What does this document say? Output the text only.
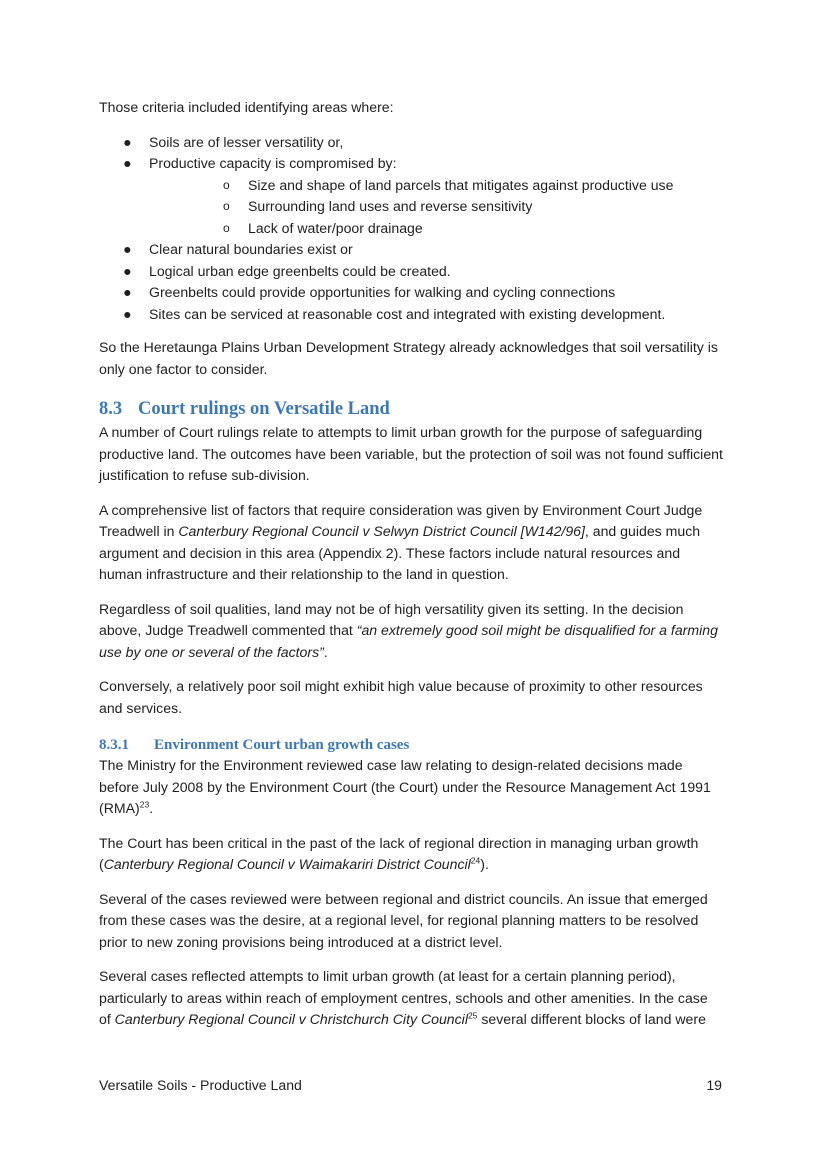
Those criteria included identifying areas where:

● Soils are of lesser versatility or,
● Productive capacity is compromised by:
o Size and shape of land parcels that mitigates against productive use
o Surrounding land uses and reverse sensitivity
o Lack of water/poor drainage
● Clear natural boundaries exist or
● Logical urban edge greenbelts could be created.
● Greenbelts could provide opportunities for walking and cycling connections
● Sites can be serviced at reasonable cost and integrated with existing development.

So the Heretaunga Plains Urban Development Strategy already acknowledges that soil versatility is only one factor to consider.

8.3 Court rulings on Versatile Land

A number of Court rulings relate to attempts to limit urban growth for the purpose of safeguarding productive land. The outcomes have been variable, but the protection of soil was not found sufficient justification to refuse sub-division.

A comprehensive list of factors that require consideration was given by Environment Court Judge Treadwell in Canterbury Regional Council v Selwyn District Council [W142/96], and guides much argument and decision in this area (Appendix 2). These factors include natural resources and human infrastructure and their relationship to the land in question.

Regardless of soil qualities, land may not be of high versatility given its setting. In the decision above, Judge Treadwell commented that “an extremely good soil might be disqualified for a farming use by one or several of the factors”.

Conversely, a relatively poor soil might exhibit high value because of proximity to other resources and services.

8.3.1 Environment Court urban growth cases

The Ministry for the Environment reviewed case law relating to design-related decisions made before July 2008 by the Environment Court (the Court) under the Resource Management Act 1991 (RMA)$^{23}$.

The Court has been critical in the past of the lack of regional direction in managing urban growth (Canterbury Regional Council v Waimakariri District Council$^{24}$).

Several of the cases reviewed were between regional and district councils. An issue that emerged from these cases was the desire, at a regional level, for regional planning matters to be resolved prior to new zoning provisions being introduced at a district level.

Several cases reflected attempts to limit urban growth (at least for a certain planning period), particularly to areas within reach of employment centres, schools and other amenities. In the case of Canterbury Regional Council v Christchurch City Council$^{25}$ several different blocks of land were

Versatile Soils - Productive Land	19
